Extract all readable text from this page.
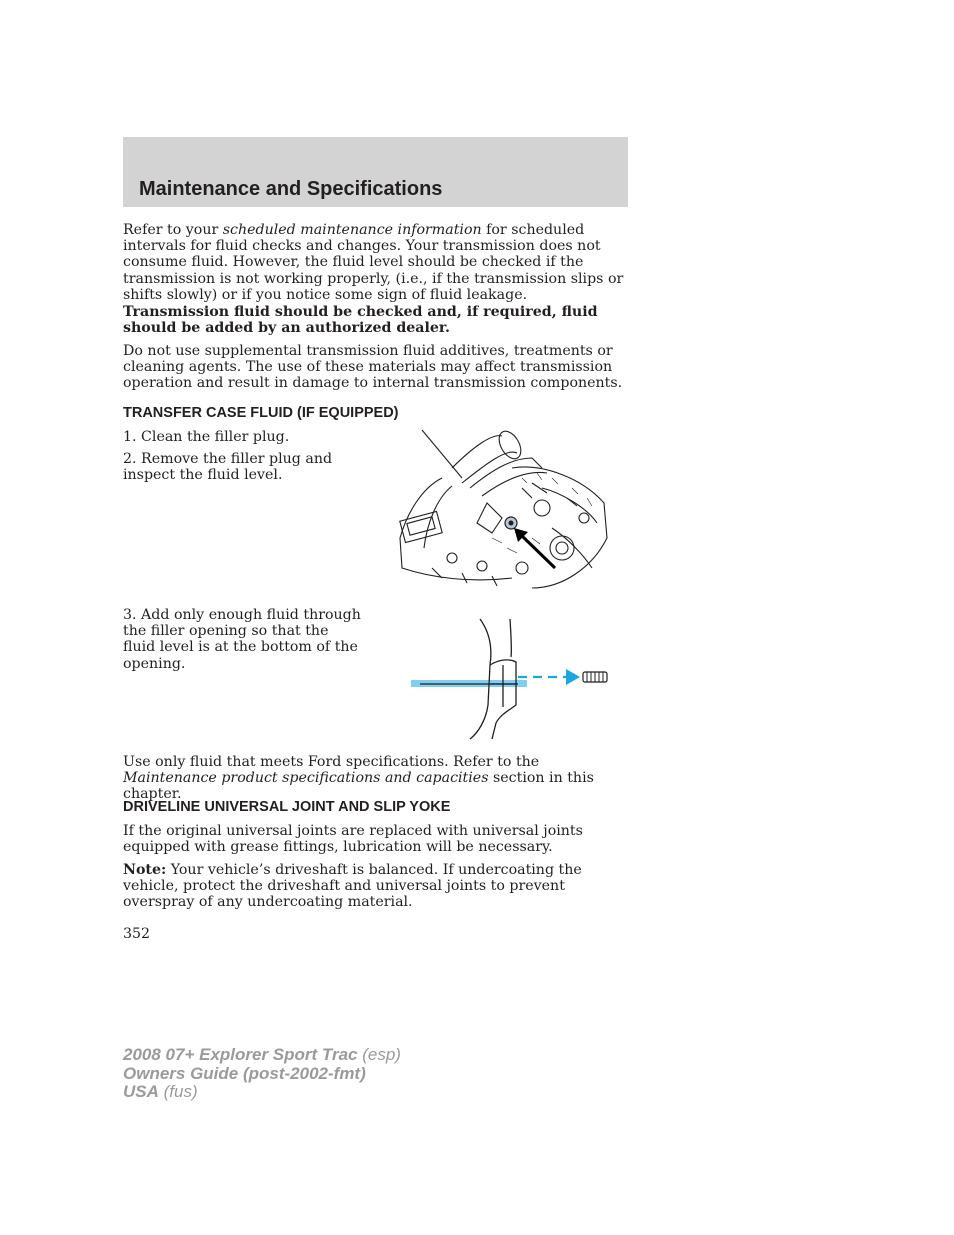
Maintenance and Specifications

Refer to your scheduled maintenance information for scheduled intervals for fluid checks and changes. Your transmission does not consume fluid. However, the fluid level should be checked if the transmission is not working properly, (i.e., if the transmission slips or shifts slowly) or if you notice some sign of fluid leakage.

Transmission fluid should be checked and, if required, fluid should be added by an authorized dealer.

Do not use supplemental transmission fluid additives, treatments or cleaning agents. The use of these materials may affect transmission operation and result in damage to internal transmission components.

TRANSFER CASE FLUID (IF EQUIPPED)

1. Clean the filler plug.

2. Remove the filler plug and inspect the fluid level.

3. Add only enough fluid through the filler opening so that the fluid level is at the bottom of the opening.

Use only fluid that meets Ford specifications. Refer to the Maintenance product specifications and capacities section in this chapter.

DRIVELINE UNIVERSAL JOINT AND SLIP YOKE

If the original universal joints are replaced with universal joints equipped with grease fittings, lubrication will be necessary.

Note: Your vehicle’s driveshaft is balanced. If undercoating the vehicle, protect the driveshaft and universal joints to prevent overspray of any undercoating material.

352

2008 07+ Explorer Sport Trac (esp)
Owners Guide (post-2002-fmt)
USA (fus)
